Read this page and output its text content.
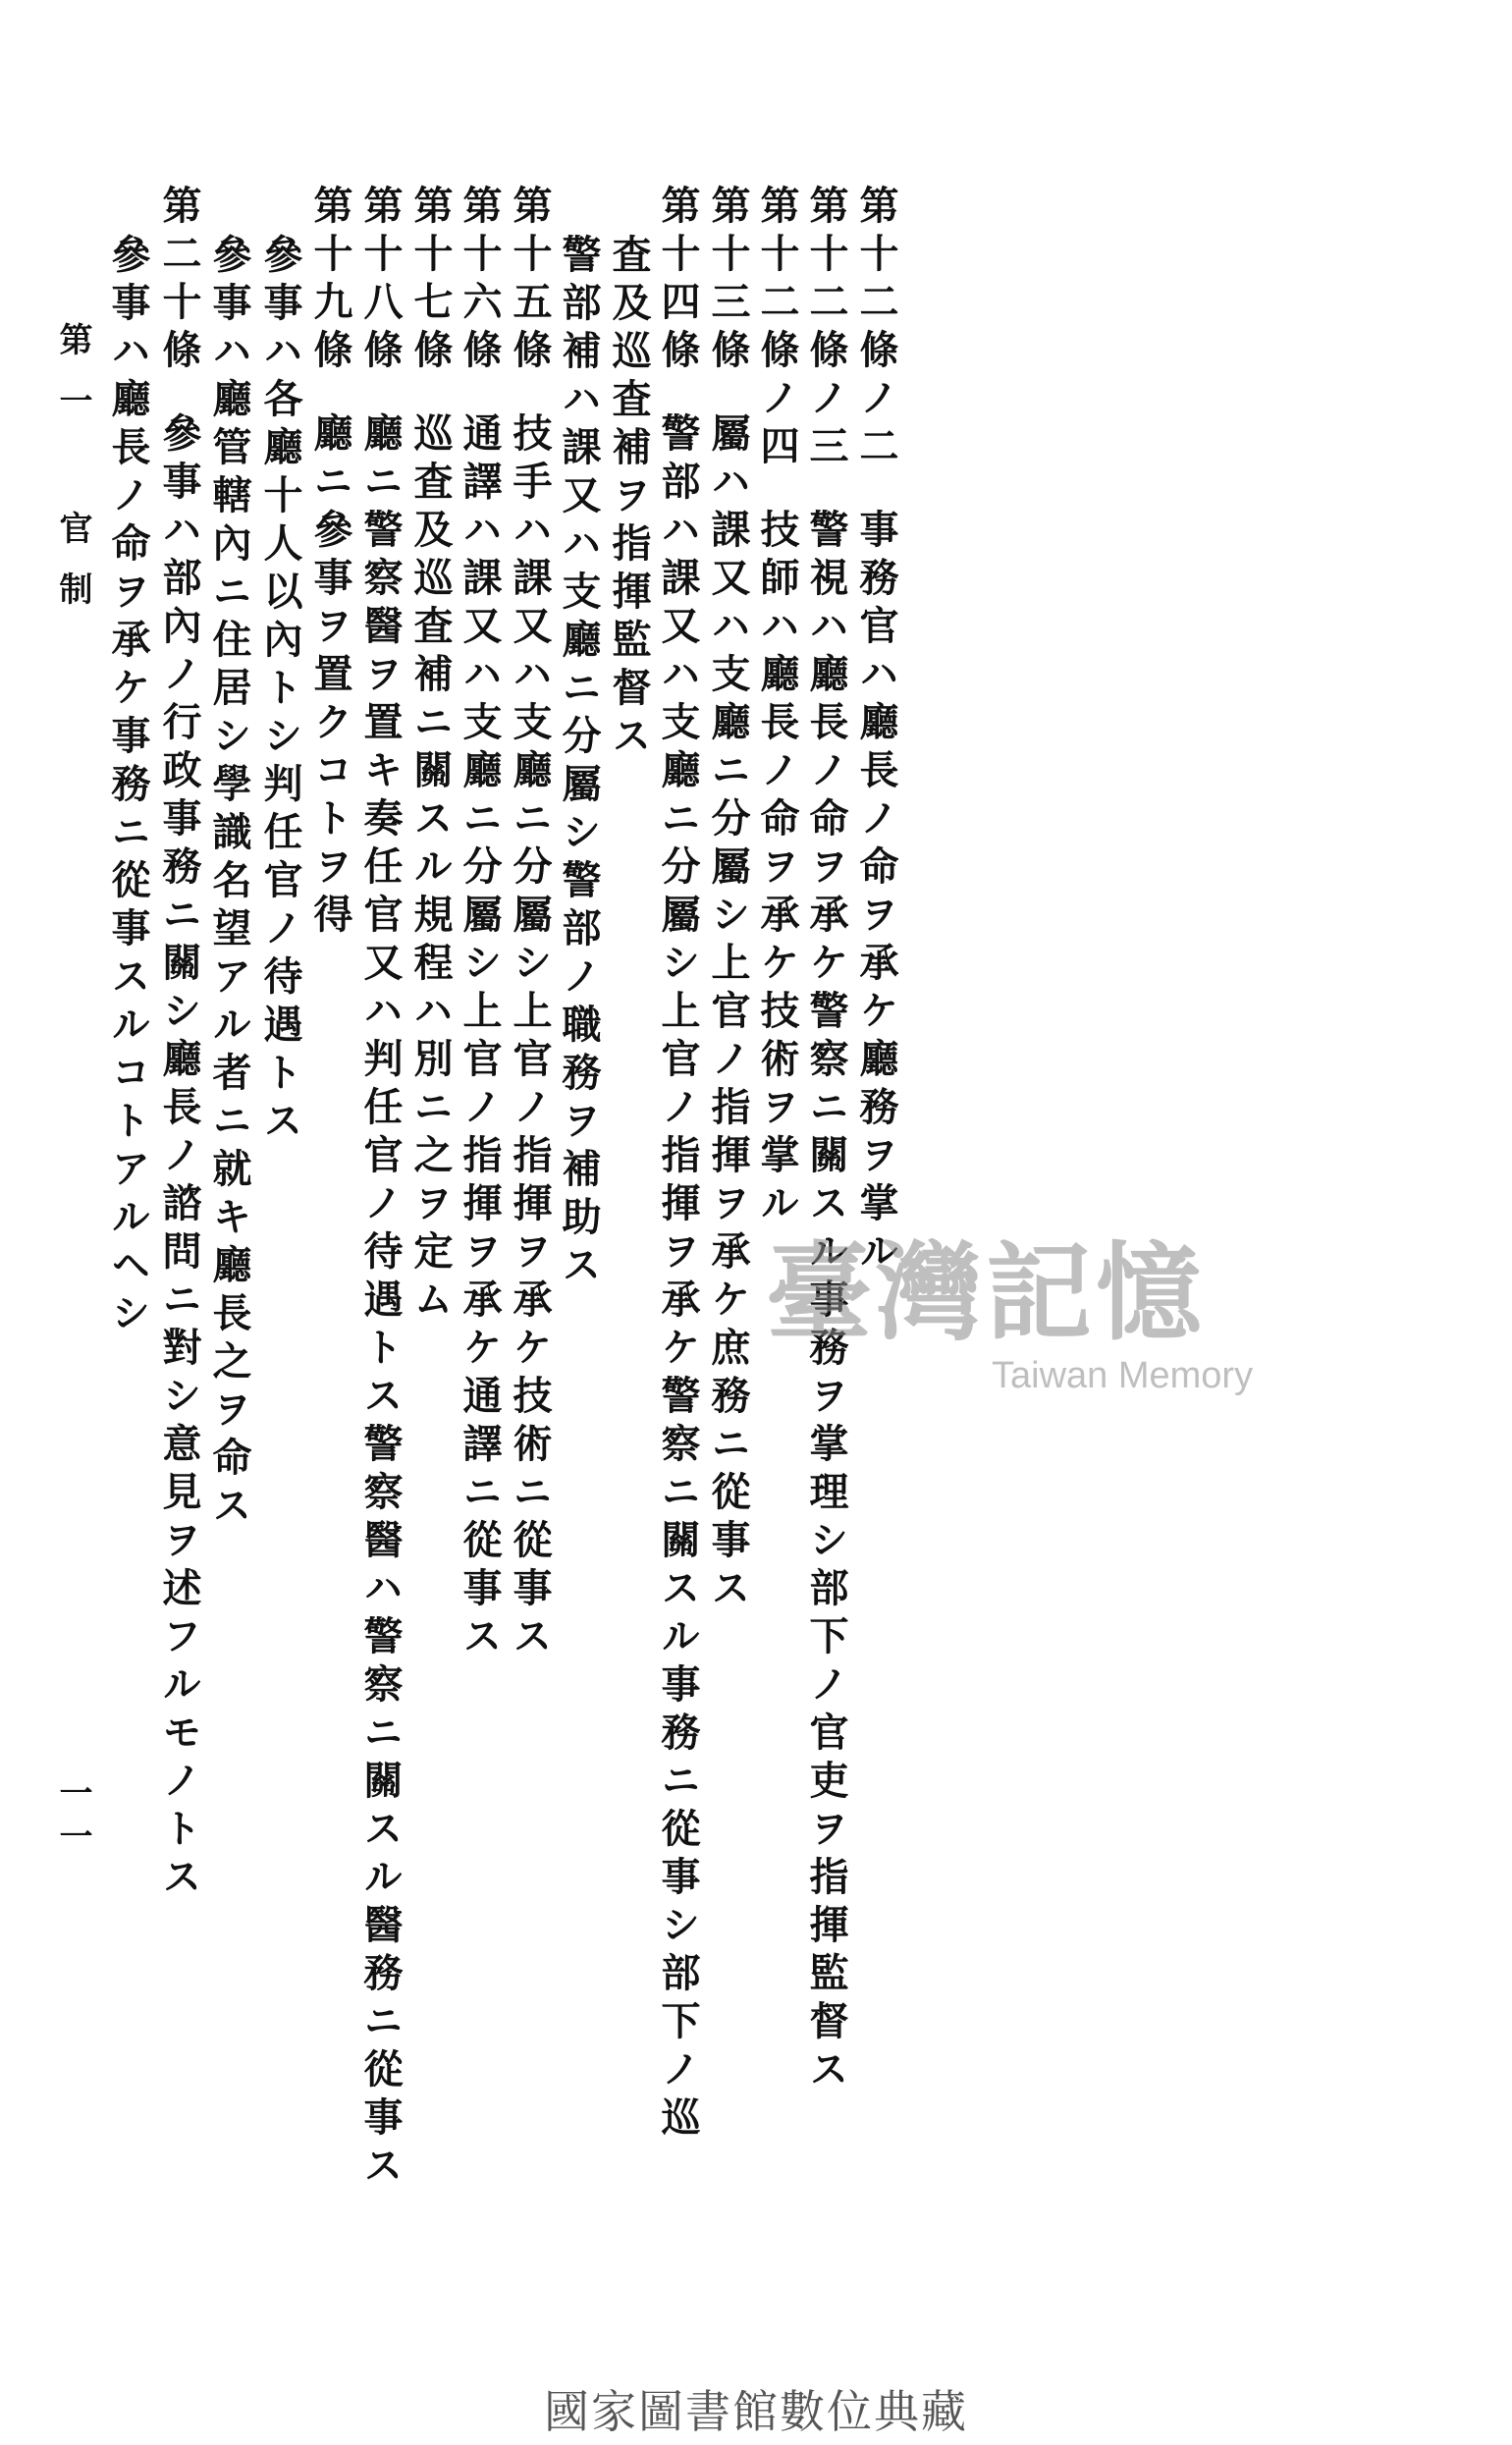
第十二條ノ二事務官ハ廳長ノ命ヲ承ケ廳務ヲ掌ル
第十二條ノ三警視ハ廳長ノ命ヲ承ケ警察ニ關スル事務ヲ掌理シ部下ノ官吏ヲ指揮監督ス
第十二條ノ四技師ハ廳長ノ命ヲ承ケ技術ヲ掌ル
第十三條屬ハ課又ハ支廳ニ分屬シ上官ノ指揮ヲ承ケ庶務ニ從事ス
第十四條警部ハ課又ハ支廳ニ分屬シ上官ノ指揮ヲ承ケ警察ニ關スル事務ニ從事シ部下ノ巡
査及巡査補ヲ指揮監督ス
警部補ハ課又ハ支廳ニ分屬シ警部ノ職務ヲ補助ス
第十五條技手ハ課又ハ支廳ニ分屬シ上官ノ指揮ヲ承ケ技術ニ從事ス
第十六條通譯ハ課又ハ支廳ニ分屬シ上官ノ指揮ヲ承ケ通譯ニ從事ス
第十七條巡査及巡査補ニ關スル規程ハ別ニ之ヲ定ム
第十八條廳ニ警察醫ヲ置キ奏任官又ハ判任官ノ待遇トス警察醫ハ警察ニ關スル醫務ニ從事ス
第十九條廳ニ參事ヲ置クコトヲ得
參事ハ各廳十人以內トシ判任官ノ待遇トス
參事ハ廳管轄內ニ住居シ學識名望アル者ニ就キ廳長之ヲ命ス
第二十條參事ハ部內ノ行政事務ニ關シ廳長ノ諮問ニ對シ意見ヲ述フルモノトス
參事ハ廳長ノ命ヲ承ケ事務ニ從事スルコトアルヘシ
第一 官制
一一
臺灣記憶
Taiwan Memory
國家圖書館數位典藏
